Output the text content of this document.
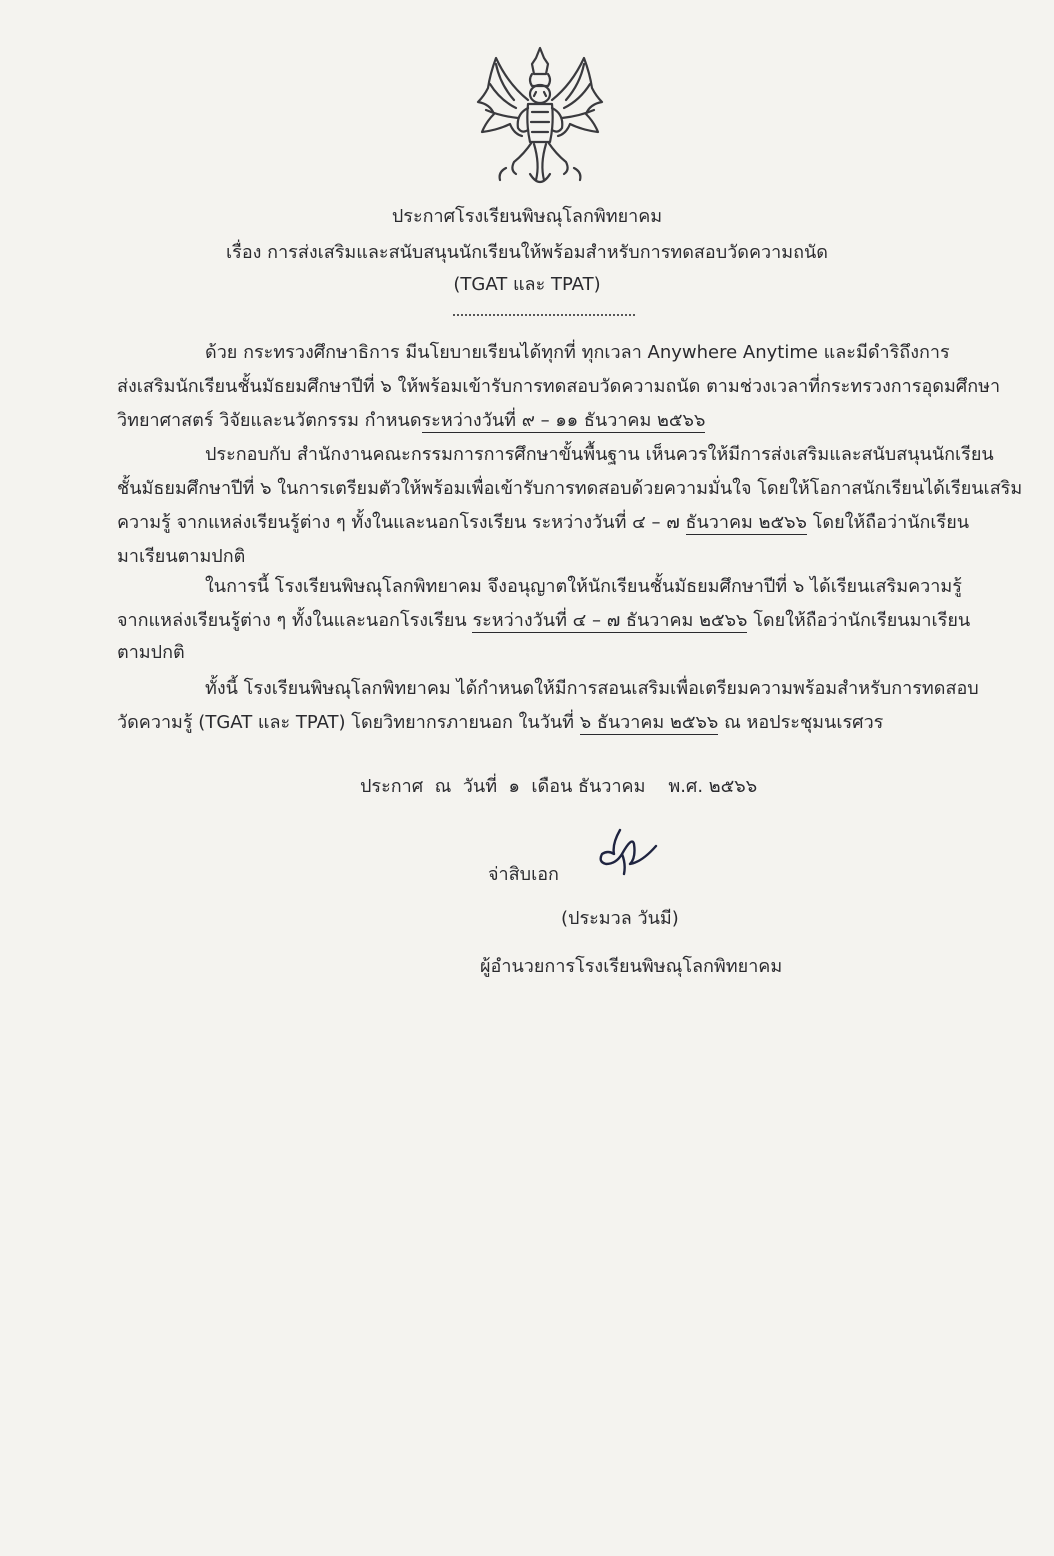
ประกาศโรงเรียนพิษณุโลกพิทยาคม
เรื่อง การส่งเสริมและสนับสนุนนักเรียนให้พร้อมสำหรับการทดสอบวัดความถนัด
(TGAT และ TPAT)
ด้วย กระทรวงศึกษาธิการ มีนโยบายเรียนได้ทุกที่ ทุกเวลา Anywhere Anytime และมีดำริถึงการ
ส่งเสริมนักเรียนชั้นมัธยมศึกษาปีที่ ๖ ให้พร้อมเข้ารับการทดสอบวัดความถนัด ตามช่วงเวลาที่กระทรวงการอุดมศึกษา
วิทยาศาสตร์ วิจัยและนวัตกรรม กำหนดระหว่างวันที่ ๙ – ๑๑ ธันวาคม ๒๕๖๖
ประกอบกับ สำนักงานคณะกรรมการการศึกษาขั้นพื้นฐาน เห็นควรให้มีการส่งเสริมและสนับสนุนนักเรียน
ชั้นมัธยมศึกษาปีที่ ๖ ในการเตรียมตัวให้พร้อมเพื่อเข้ารับการทดสอบด้วยความมั่นใจ โดยให้โอกาสนักเรียนได้เรียนเสริม
ความรู้ จากแหล่งเรียนรู้ต่าง ๆ ทั้งในและนอกโรงเรียน ระหว่างวันที่ ๔ – ๗ ธันวาคม ๒๕๖๖ โดยให้ถือว่านักเรียน
มาเรียนตามปกติ
ในการนี้ โรงเรียนพิษณุโลกพิทยาคม จึงอนุญาตให้นักเรียนชั้นมัธยมศึกษาปีที่ ๖ ได้เรียนเสริมความรู้
จากแหล่งเรียนรู้ต่าง ๆ ทั้งในและนอกโรงเรียน ระหว่างวันที่ ๔ – ๗ ธันวาคม ๒๕๖๖ โดยให้ถือว่านักเรียนมาเรียน
ตามปกติ
ทั้งนี้ โรงเรียนพิษณุโลกพิทยาคม ได้กำหนดให้มีการสอนเสริมเพื่อเตรียมความพร้อมสำหรับการทดสอบ
วัดความรู้ (TGAT และ TPAT) โดยวิทยากรภายนอก ในวันที่ ๖ ธันวาคม ๒๕๖๖ ณ หอประชุมนเรศวร
ประกาศ  ณ  วันที่  ๑  เดือน ธันวาคม    พ.ศ. ๒๕๖๖
จ่าสิบเอก
(ประมวล วันมี)
ผู้อำนวยการโรงเรียนพิษณุโลกพิทยาคม
